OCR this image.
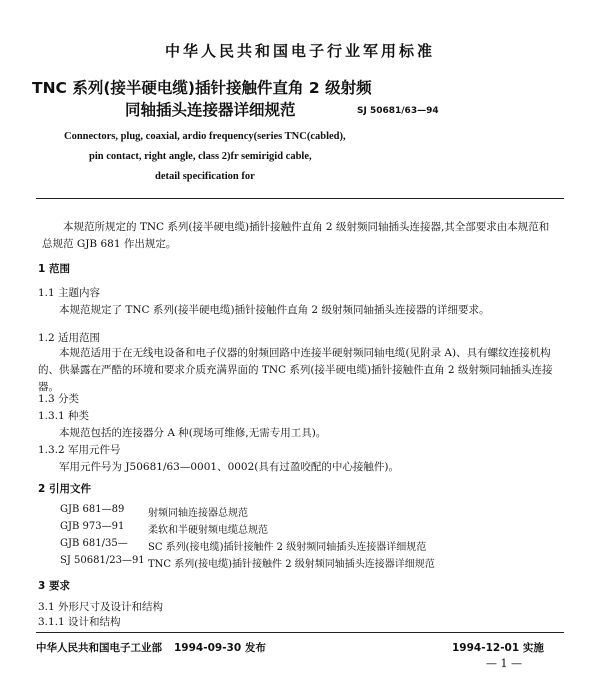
中华人民共和国电子行业军用标准
TNC 系列(接半硬电缆)插针接触件直角 2 级射频
同轴插头连接器详细规范	SJ 50681/63—94
Connectors, plug, coaxial, ardio frequency(series TNC(cabled),
pin contact, right angle, class 2)fr semirigid cable,
detail specification for
本规范所规定的 TNC 系列(接半硬电缆)插针接触件直角 2 级射频同轴插头连接器,其全部要求由本规范和总规范 GJB 681 作出规定。
1 范围
1.1 主题内容
本规范规定了 TNC 系列(接半硬电缆)插针接触件直角 2 级射频同轴插头连接器的详细要求。
1.2 适用范围
本规范适用于在无线电设备和电子仪器的射频回路中连接半硬射频同轴电缆(见附录 A)、具有螺纹连接机构的、供暴露在严酷的环境和要求介质充满界面的 TNC 系列(接半硬电缆)插针接触件直角 2 级射频同轴插头连接器。
1.3 分类
1.3.1 种类
本规范包括的连接器分 A 种(现场可维修,无需专用工具)。
1.3.2 军用元件号
军用元件号为 J50681/63—0001、0002(具有过盈咬配的中心接触件)。
2 引用文件
GJB 681—89 射频同轴连接器总规范
GJB 973—91 柔软和半硬射频电缆总规范
GJB 681/35— SC 系列(接电缆)插针接触件 2 级射频同轴插头连接器详细规范
SJ 50681/23—91 TNC 系列(接电缆)插针接触件 2 级射频同轴插头连接器详细规范
3 要求
3.1 外形尺寸及设计和结构
3.1.1 设计和结构
中华人民共和国电子工业部 1994-09-30 发布	1994-12-01 实施
— 1 —
